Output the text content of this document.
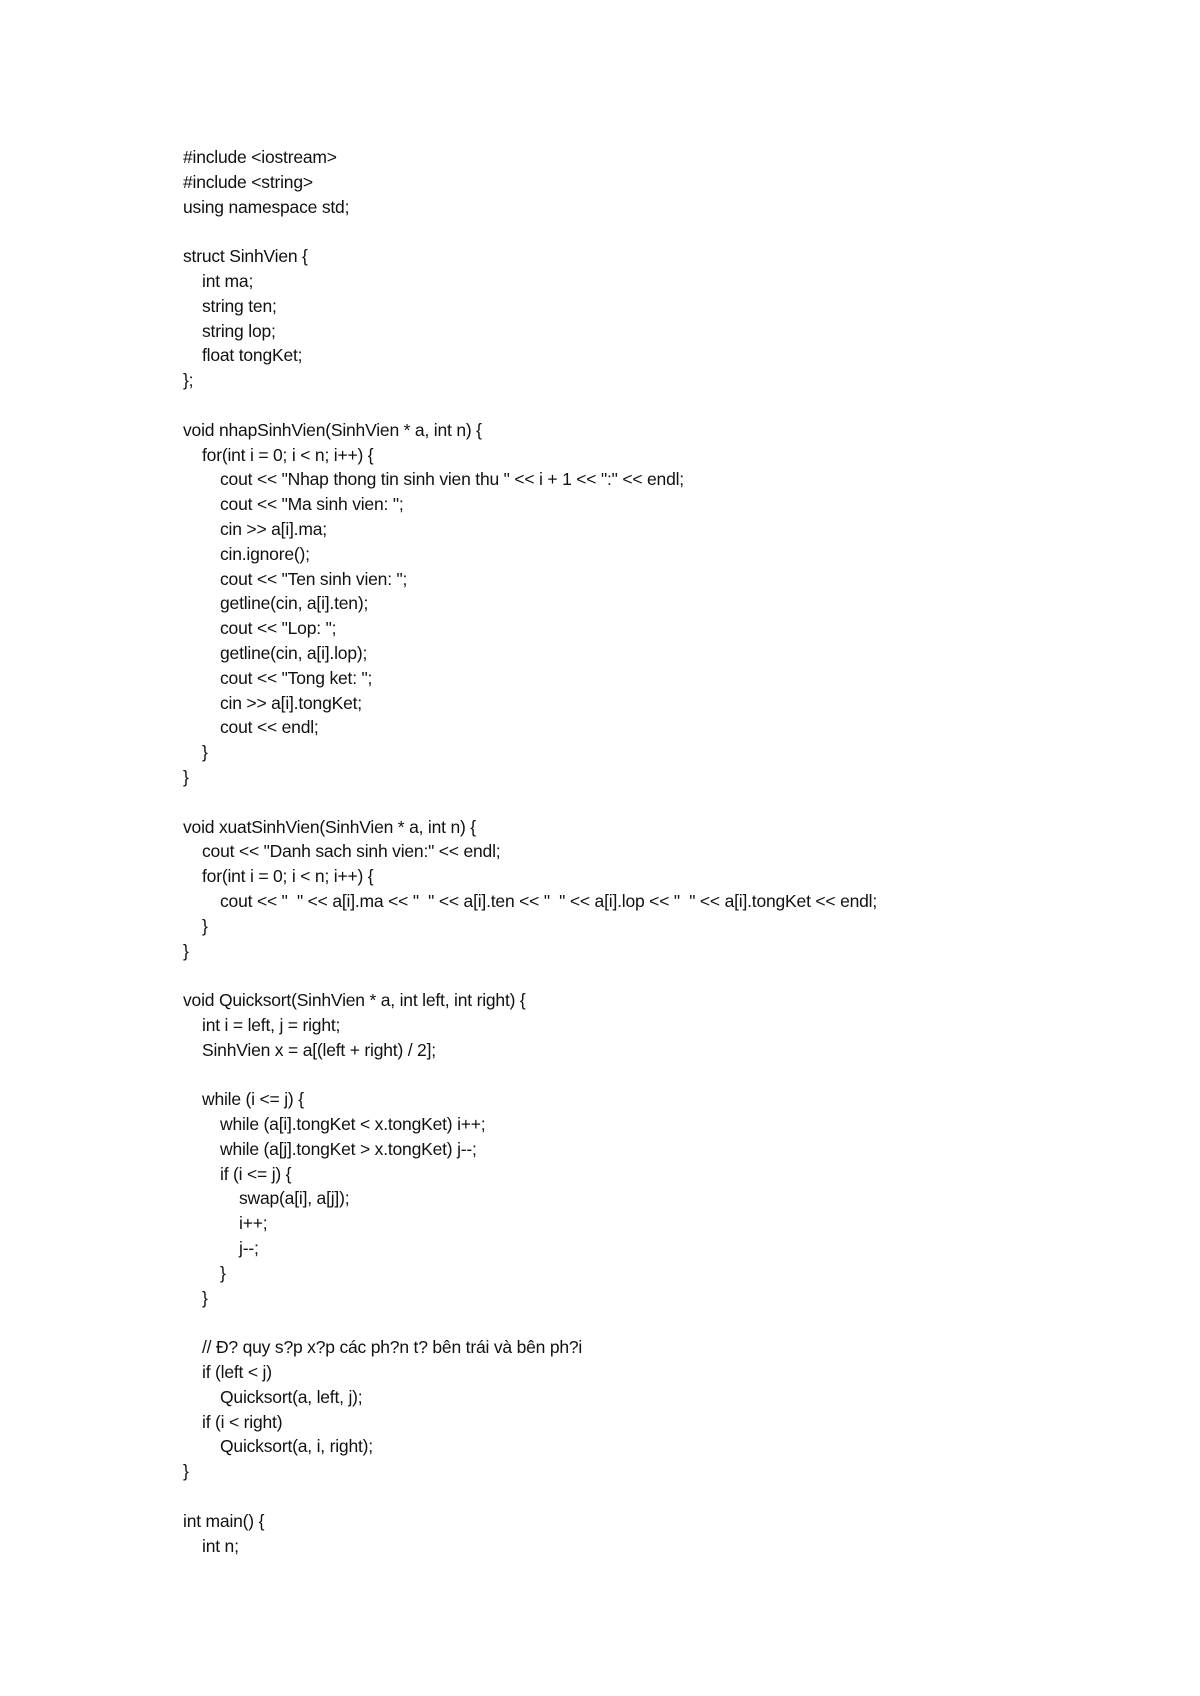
#include <iostream>
#include <string>
using namespace std;
struct SinhVien {
int ma;
string ten;
string lop;
float tongKet;
};
void nhapSinhVien(SinhVien * a, int n) {
for(int i = 0; i < n; i++) {
cout << "Nhap thong tin sinh vien thu " << i + 1 << ":" << endl;
cout << "Ma sinh vien: ";
cin >> a[i].ma;
cin.ignore();
cout << "Ten sinh vien: ";
getline(cin, a[i].ten);
cout << "Lop: ";
getline(cin, a[i].lop);
cout << "Tong ket: ";
cin >> a[i].tongKet;
cout << endl;
}
}
void xuatSinhVien(SinhVien * a, int n) {
cout << "Danh sach sinh vien:" << endl;
for(int i = 0; i < n; i++) {
cout << "  " << a[i].ma << "  " << a[i].ten << "  " << a[i].lop << "  " << a[i].tongKet << endl;
}
}
void Quicksort(SinhVien * a, int left, int right) {
int i = left, j = right;
SinhVien x = a[(left + right) / 2];
while (i <= j) {
while (a[i].tongKet < x.tongKet) i++;
while (a[j].tongKet > x.tongKet) j--;
if (i <= j) {
swap(a[i], a[j]);
i++;
j--;
}
}
// Đ? quy s?p x?p các ph?n t? bên trái và bên ph?i
if (left < j)
Quicksort(a, left, j);
if (i < right)
Quicksort(a, i, right);
}
int main() {
int n;
